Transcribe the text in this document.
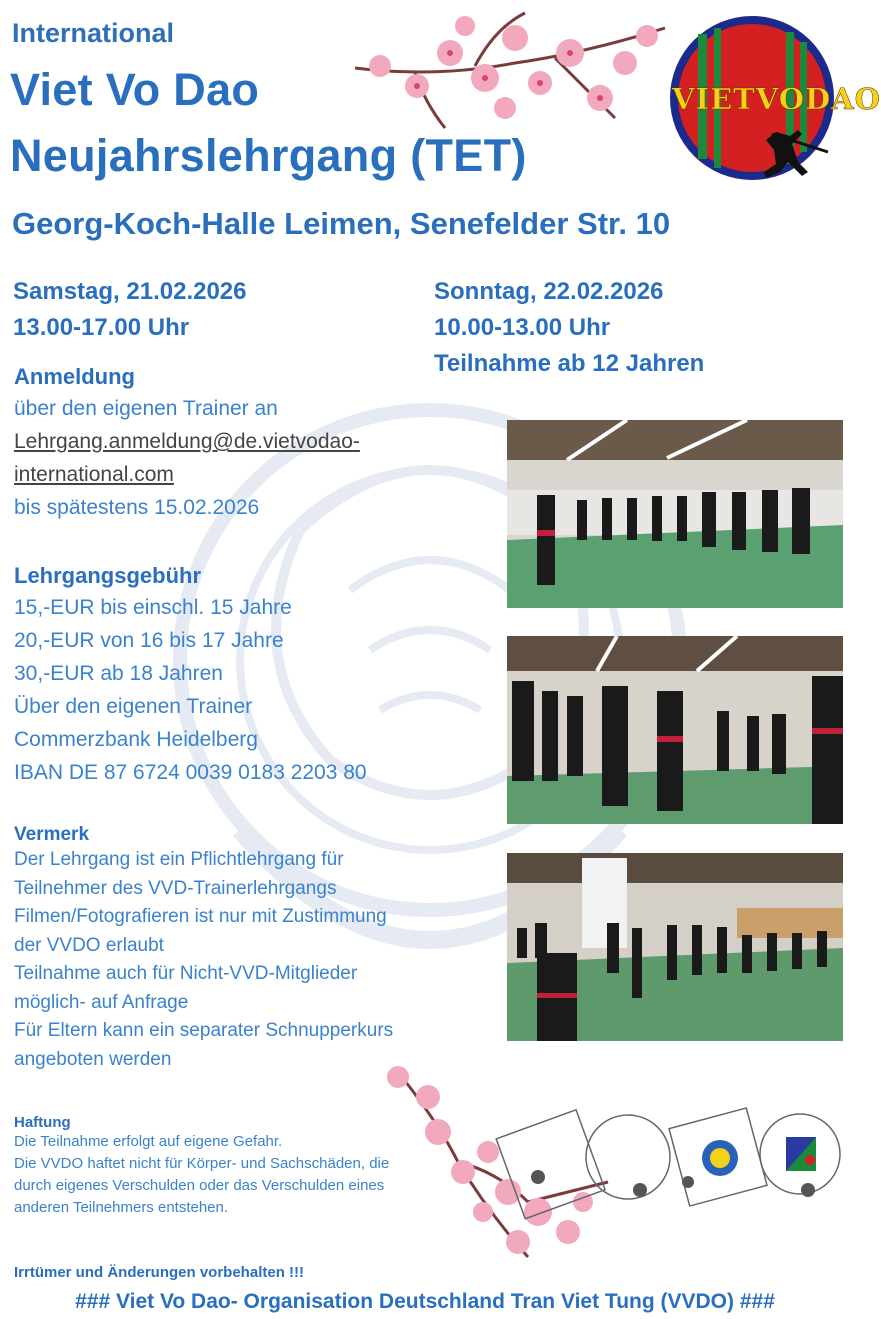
VIETVODAO
International
Viet Vo Dao
Neujahrslehrgang (TET)
Georg-Koch-Halle Leimen, Senefelder Str. 10
Samstag, 21.02.2026
13.00-17.00 Uhr
Sonntag, 22.02.2026
10.00-13.00 Uhr
Teilnahme ab 12 Jahren
Anmeldung
über den eigenen Trainer an
Lehrgang.anmeldung@de.vietvodao-
international.com
bis spätestens 15.02.2026
Lehrgangsgebühr
15,-EUR bis einschl. 15 Jahre
20,-EUR von 16 bis 17 Jahre
30,-EUR ab 18 Jahren
Über den eigenen Trainer
Commerzbank Heidelberg
IBAN DE 87 6724 0039 0183 2203 80
Vermerk
Der Lehrgang ist ein Pflichtlehrgang für
Teilnehmer des VVD-Trainerlehrgangs
Filmen/Fotografieren ist nur mit Zustimmung
der VVDO erlaubt
Teilnahme auch für Nicht-VVD-Mitglieder
möglich- auf Anfrage
Für Eltern kann ein separater Schnupperkurs
angeboten werden
Haftung
Die Teilnahme erfolgt auf eigene Gefahr.
Die VVDO haftet nicht für Körper- und Sachschäden, die
durch eigenes Verschulden oder das Verschulden eines
anderen Teilnehmers entstehen.
Irrtümer und Änderungen vorbehalten !!!
### Viet Vo Dao- Organisation Deutschland Tran Viet Tung (VVDO) ###
